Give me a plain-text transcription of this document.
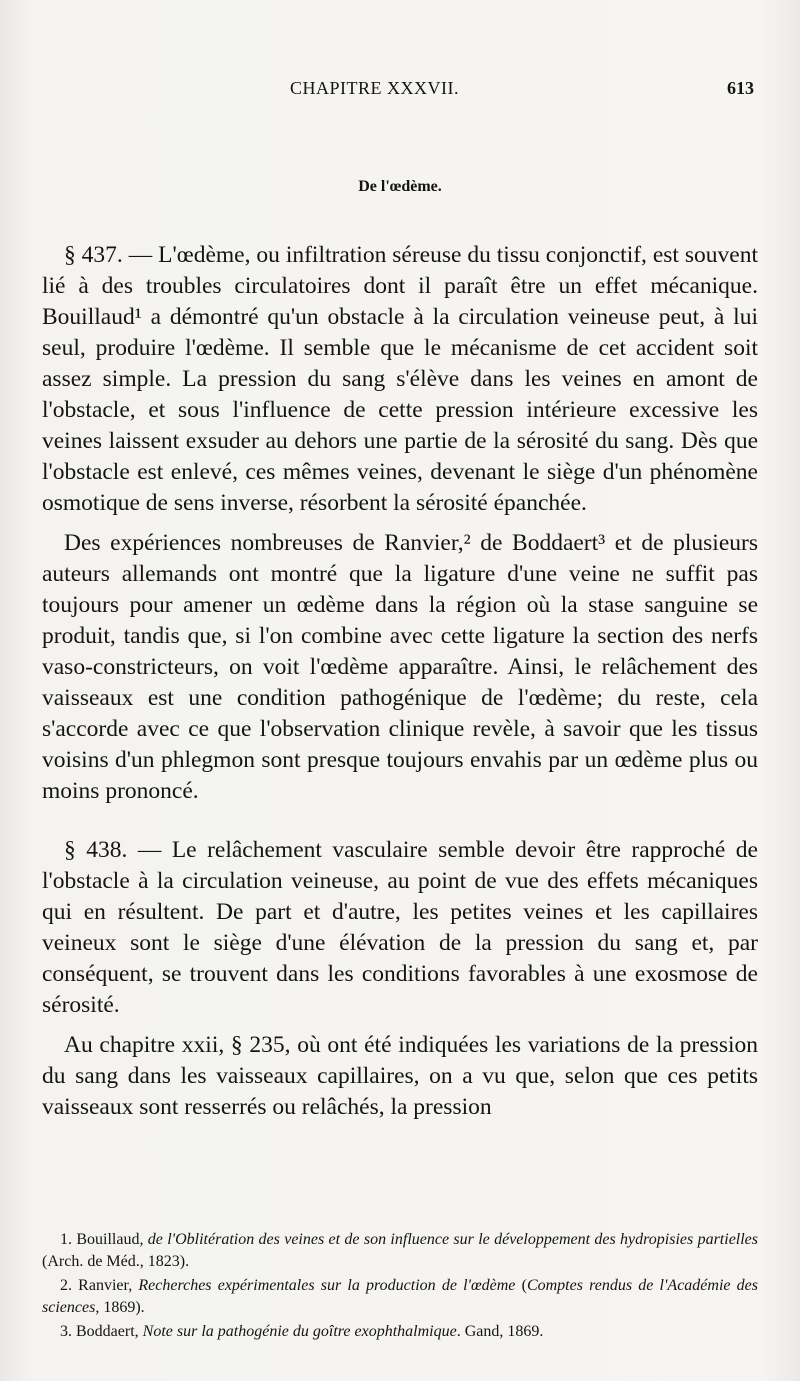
CHAPITRE XXXVII.	613
De l'œdème.

§ 437. — L'œdème, ou infiltration séreuse du tissu conjonctif, est souvent lié à des troubles circulatoires dont il paraît être un effet mécanique. Bouillaud¹ a démontré qu'un obstacle à la circulation veineuse peut, à lui seul, produire l'œdème. Il semble que le mécanisme de cet accident soit assez simple. La pression du sang s'élève dans les veines en amont de l'obstacle, et sous l'influence de cette pression intérieure excessive les veines laissent exsuder au dehors une partie de la sérosité du sang. Dès que l'obstacle est enlevé, ces mêmes veines, devenant le siège d'un phénomène osmotique de sens inverse, résorbent la sérosité épanchée.

Des expériences nombreuses de Ranvier,² de Boddaert³ et de plusieurs auteurs allemands ont montré que la ligature d'une veine ne suffit pas toujours pour amener un œdème dans la région où la stase sanguine se produit, tandis que, si l'on combine avec cette ligature la section des nerfs vaso-constricteurs, on voit l'œdème apparaître. Ainsi, le relâchement des vaisseaux est une condition pathogénique de l'œdème; du reste, cela s'accorde avec ce que l'observation clinique revèle, à savoir que les tissus voisins d'un phlegmon sont presque toujours envahis par un œdème plus ou moins prononcé.

§ 438. — Le relâchement vasculaire semble devoir être rapproché de l'obstacle à la circulation veineuse, au point de vue des effets mécaniques qui en résultent. De part et d'autre, les petites veines et les capillaires veineux sont le siège d'une élévation de la pression du sang et, par conséquent, se trouvent dans les conditions favorables à une exosmose de sérosité.

Au chapitre xxii, § 235, où ont été indiquées les variations de la pression du sang dans les vaisseaux capillaires, on a vu que, selon que ces petits vaisseaux sont resserrés ou relâchés, la pression

1. Bouillaud, de l'Oblitération des veines et de son influence sur le développement des hydropisies partielles (Arch. de Méd., 1823).

2. Ranvier, Recherches expérimentales sur la production de l'œdème (Comptes rendus de l'Académie des sciences, 1869).

3. Boddaert, Note sur la pathogénie du goître exophthalmique. Gand, 1869.
